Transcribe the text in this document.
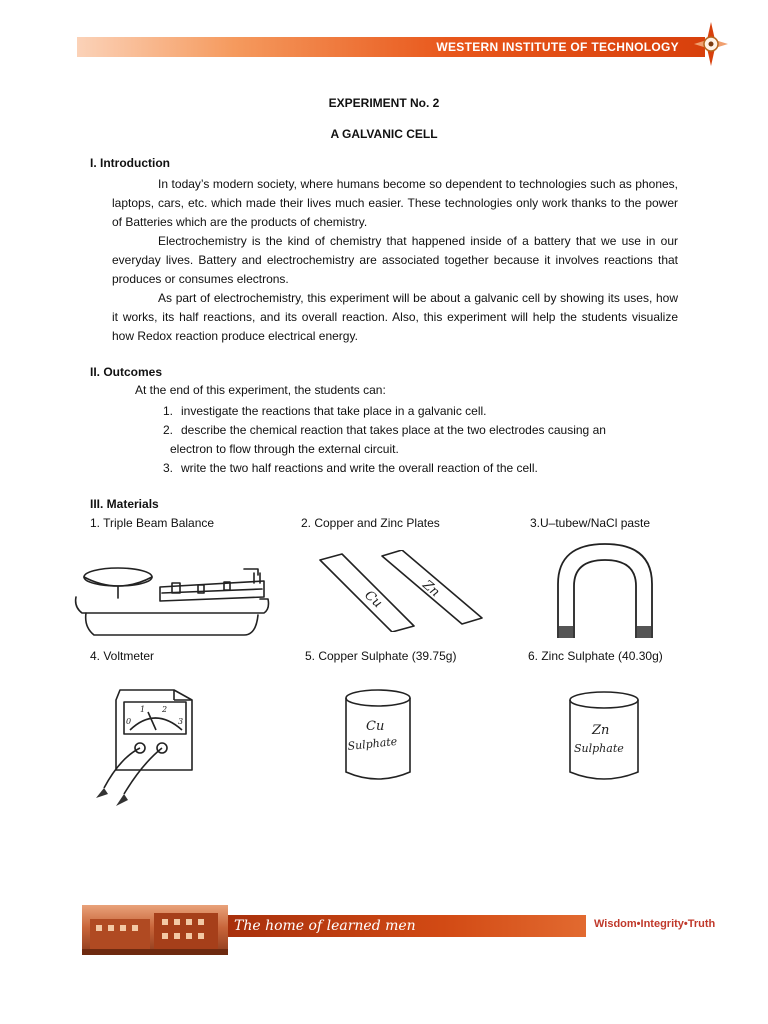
WESTERN INSTITUTE OF TECHNOLOGY
EXPERIMENT No. 2
A GALVANIC CELL
I. Introduction
In today’s modern society, where humans become so dependent to technologies such as phones, laptops, cars, etc. which made their lives much easier. These technologies only work thanks to the power of Batteries which are the products of chemistry.
Electrochemistry is the kind of chemistry that happened inside of a battery that we use in our everyday lives. Battery and electrochemistry are associated together because it involves reactions that produces or consumes electrons.
As part of electrochemistry, this experiment will be about a galvanic cell by showing its uses, how it works, its half reactions, and its overall reaction. Also, this experiment will help the students visualize how Redox reaction produce electrical energy.
II. Outcomes
At the end of this experiment, the students can:
1. investigate the reactions that take place in a galvanic cell.
2. describe the chemical reaction that takes place at the two electrodes causing an
electron to flow through the external circuit.
3. write the two half reactions and write the overall reaction of the cell.
III. Materials
1. Triple Beam Balance	2. Copper and Zinc Plates	3.U–tubew/NaCl paste
4. Voltmeter	5. Copper Sulphate (39.75g)	6. Zinc Sulphate (40.30g)
Cu	Zn
0
1 2
3	Cu
Sulphate
Zn
Sulphate
The home of learned men	Wisdom•Integrity•Truth
